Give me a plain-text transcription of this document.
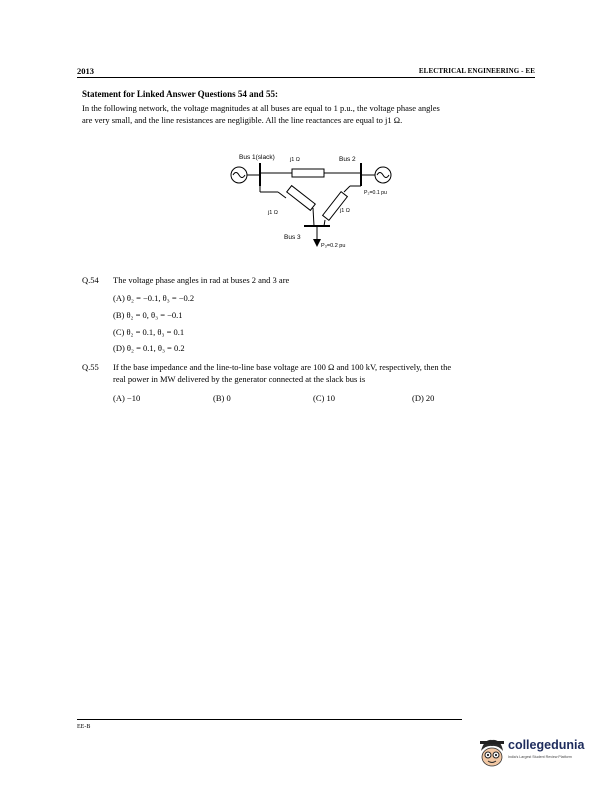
2013	ELECTRICAL ENGINEERING - EE
Statement for Linked Answer Questions 54 and 55:
In the following network, the voltage magnitudes at all buses are equal to 1 p.u., the voltage phase angles
are very small, and the line resistances are negligible. All the line reactances are equal to j1 Ω.
Bus 1(slack)	j1 Ω	Bus 2
P₂=0.1 pu
j1 Ω	j1 Ω
Bus 3
P₃=0.2 pu
Q.54 The voltage phase angles in rad at buses 2 and 3 are
(A) θ₂ = −0.1, θ₃ = −0.2
(B) θ₂ = 0, θ₃ = −0.1
(C) θ₂ = 0.1, θ₃ = 0.1
(D) θ₂ = 0.1, θ₃ = 0.2
Q.55 If the base impedance and the line-to-line base voltage are 100 Ω and 100 kV, respectively, then the
real power in MW delivered by the generator connected at the slack bus is
(A) −10	(B) 0	(C) 10	(D) 20
EE-B
collegedunia
India's Largest Student Review Platform
